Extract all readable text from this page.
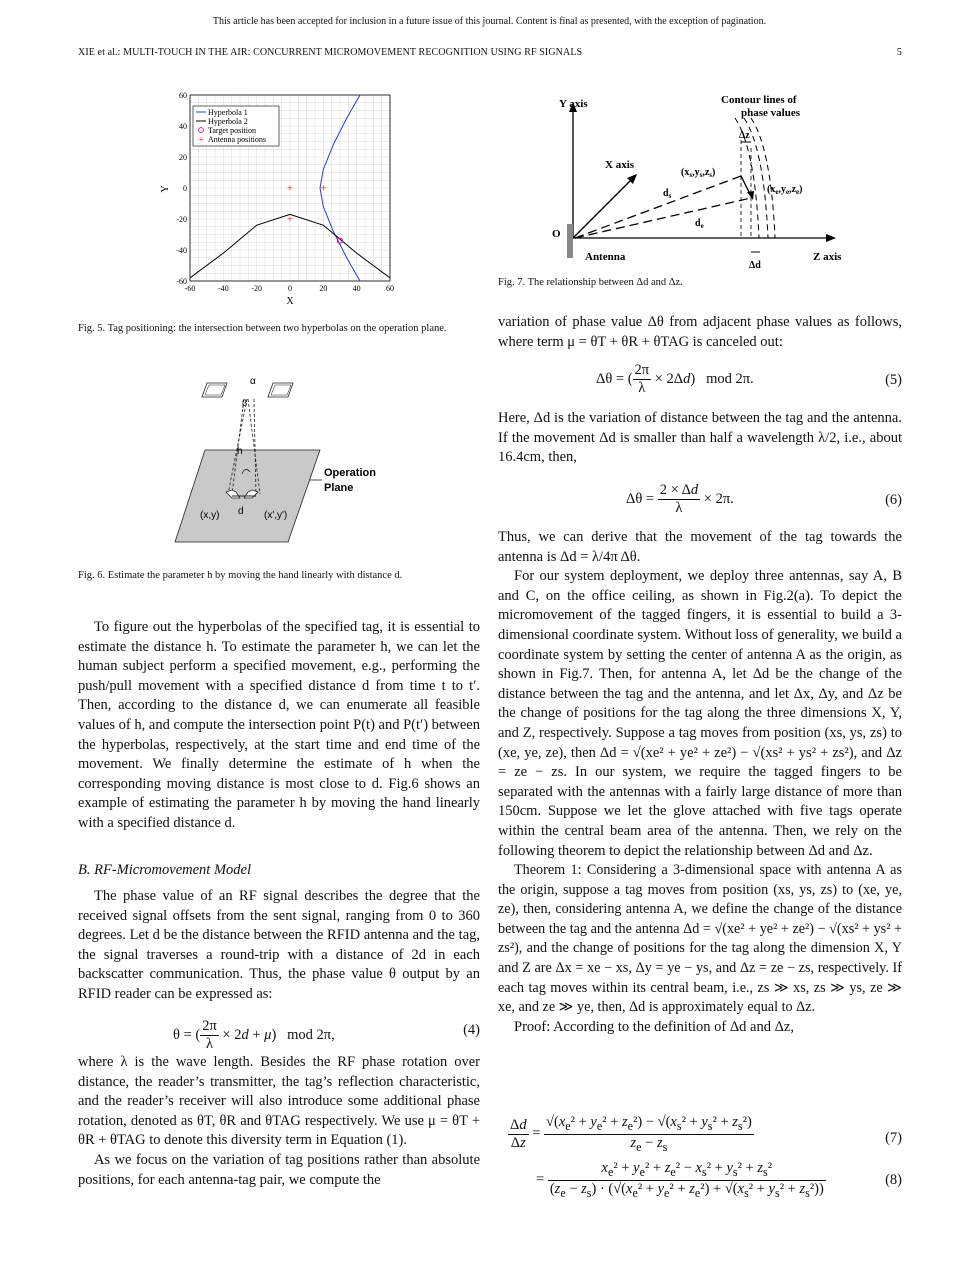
This article has been accepted for inclusion in a future issue of this journal. Content is final as presented, with the exception of pagination.
XIE et al.: MULTI-TOUCH IN THE AIR: CONCURRENT MICROMOVEMENT RECOGNITION USING RF SIGNALS	5
-60	-40	-20	0	20	40	60
60
40
20
0
-20
-40
-60
+	+
+
Hyperbola 1
Hyperbola 2
Target position
+ Antenna positions
X
Y
Fig. 5. Tag positioning: the intersection between two hyperbolas on the operation plane.
α
β
h
(x,y) d (x',y')
Operation
Plane
Fig. 6. Estimate the parameter h by moving the hand linearly with distance d.
Y axis
X axis
Z axis
O
Antenna
Contour lines of
phase values
Δz
Δd
$(x_s,y_s,z_s)$
$(x_e,y_e,z_e)$
$d_s$
$d_e$
Fig. 7. The relationship between Δd and Δz.

To figure out the hyperbolas of the specified tag, it is essential to estimate the distance h. To estimate the parameter h, we can let the human subject perform a specified movement, e.g., performing the push/pull movement with a specified distance d from time t to t′. Then, according to the distance d, we can enumerate all feasible values of h, and compute the intersection point P(t) and P(t′) between the hyperbolas, respectively, at the start time and end time of the movement. We finally determine the estimate of h when the corresponding moving distance is most close to d. Fig.6 shows an example of estimating the parameter h by moving the hand linearly with a specified distance d.

B. RF-Micromovement Model

The phase value of an RF signal describes the degree that the received signal offsets from the sent signal, ranging from 0 to 360 degrees. Let d be the distance between the RFID antenna and the tag, the signal traverses a round-trip with a distance of 2d in each backscatter communication. Thus, the phase value θ output by an RFID reader can be expressed as:

θ = ( $\frac{2\pi}{\lambda} \times 2d + \mu$)   mod 2π,	(4)

where λ is the wave length. Besides the RF phase rotation over distance, the reader’s transmitter, the tag’s reflection characteristic, and the reader’s receiver will also introduce some additional phase rotation, denoted as θT, θR and θTAG respectively. We use μ = θT + θR + θTAG to denote this diversity term in Equation (1).

As we focus on the variation of tag positions rather than absolute positions, for each antenna-tag pair, we compute the

variation of phase value Δθ from adjacent phase values as follows, where term μ = θT + θR + θTAG is canceled out:

Δθ = ( $\frac{2\pi}{\lambda} \times 2\Delta d$)   mod 2π.	(5)

Here, Δd is the variation of distance between the tag and the antenna. If the movement Δd is smaller than half a wavelength λ/2, i.e., about 16.4cm, then,

$\Delta\theta = \frac{2 \times \Delta d}{\lambda} \times 2\pi$.	(6)

Thus, we can derive that the movement of the tag towards the antenna is Δd = λ/4π Δθ.

For our system deployment, we deploy three antennas, say A, B and C, on the office ceiling, as shown in Fig.2(a). To depict the micromovement of the tagged fingers, it is essential to build a 3-dimensional coordinate system. Without loss of generality, we build a coordinate system by setting the center of antenna A as the origin, as shown in Fig.7. Then, for antenna A, let Δd be the change of the distance between the tag and the antenna, and let Δx, Δy, and Δz be the change of positions for the tag along the three dimensions X, Y, and Z, respectively. Suppose a tag moves from position (xs, ys, zs) to (xe, ye, ze), then Δd = √(xe² + ye² + ze²) − √(xs² + ys² + zs²), and Δz = ze − zs. In our system, we require the tagged fingers to be separated with the antennas with a fairly large distance of more than 150cm. Suppose we let the glove attached with five tags operate within the central beam area of the antenna. Then, we rely on the following theorem to depict the relationship between Δd and Δz.

Theorem 1: Considering a 3-dimensional space with antenna A as the origin, suppose a tag moves from position (xs, ys, zs) to (xe, ye, ze), then, considering antenna A, we define the change of the distance between the tag and the antenna Δd = √(xe² + ye² + ze²) − √(xs² + ys² + zs²), and the change of positions for the tag along the dimension X, Y and Z are Δx = xe − xs, Δy = ye − ys, and Δz = ze − zs, respectively. If each tag moves within its central beam, i.e., zs ≫ xs, zs ≫ ys, ze ≫ xe, and ze ≫ ye, then, Δd is approximately equal to Δz.

Proof: According to the definition of Δd and Δz,

$\frac{\Delta d}{\Delta z} = \frac{√(x_e^2 + y_e^2 + z_e^2) - √(x_s^2 + y_s^2 + z_s^2)}{z_e - z_s}$	(7)
= $\frac{x_e^2 + y_e^2 + z_e^2 - x_s^2 + y_s^2 + z_s^2}{(z_e - z_s) \cdot (√(x_e^2 + y_e^2 + z_e^2) + √(x_s^2 + y_s^2 + z_s^2))}$	(8)
